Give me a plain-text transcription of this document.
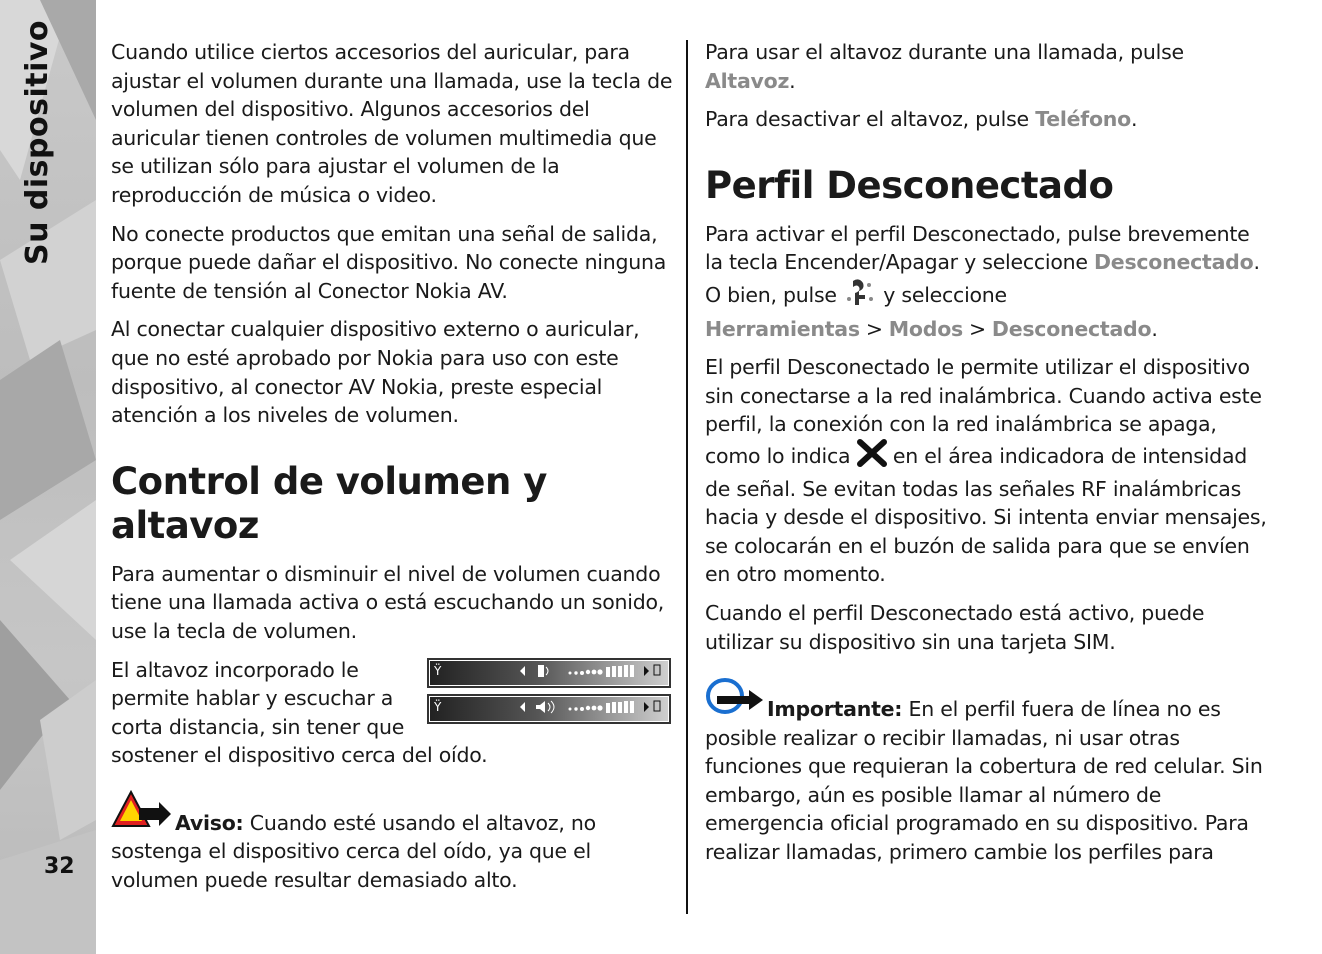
Su dispositivo
32

Cuando utilice ciertos accesorios del auricular, para ajustar el volumen durante una llamada, use la tecla de volumen del dispositivo. Algunos accesorios del auricular tienen controles de volumen multimedia que se utilizan sólo para ajustar el volumen de la reproducción de música o video.

No conecte productos que emitan una señal de salida, porque puede dañar el dispositivo. No conecte ninguna fuente de tensión al Conector Nokia AV.

Al conectar cualquier dispositivo externo o auricular, que no esté aprobado por Nokia para uso con este dispositivo, al conector AV Nokia, preste especial atención a los niveles de volumen.

Control de volumen y altavoz

Para aumentar o disminuir el nivel de volumen cuando tiene una llamada activa o está escuchando un sonido, use la tecla de volumen.

Ÿ
Ÿ

El altavoz incorporado le permite hablar y escuchar a corta distancia, sin tener que sostener el dispositivo cerca del oído.

Aviso: Cuando esté usando el altavoz, no sostenga el dispositivo cerca del oído, ya que el volumen puede resultar demasiado alto.

Para usar el altavoz durante una llamada, pulse Altavoz.

Para desactivar el altavoz, pulse Teléfono.

Perfil Desconectado

Para activar el perfil Desconectado, pulse brevemente la tecla Encender/Apagar y seleccione Desconectado. O bien, pulse  y seleccione Herramientas > Modos > Desconectado.

El perfil Desconectado le permite utilizar el dispositivo sin conectarse a la red inalámbrica. Cuando activa este perfil, la conexión con la red inalámbrica se apaga, como lo indica  en el área indicadora de intensidad de señal. Se evitan todas las señales RF inalámbricas hacia y desde el dispositivo. Si intenta enviar mensajes, se colocarán en el buzón de salida para que se envíen en otro momento.

Cuando el perfil Desconectado está activo, puede utilizar su dispositivo sin una tarjeta SIM.

Importante: En el perfil fuera de línea no es posible realizar o recibir llamadas, ni usar otras funciones que requieran la cobertura de red celular. Sin embargo, aún es posible llamar al número de emergencia oficial programado en su dispositivo. Para realizar llamadas, primero cambie los perfiles para
